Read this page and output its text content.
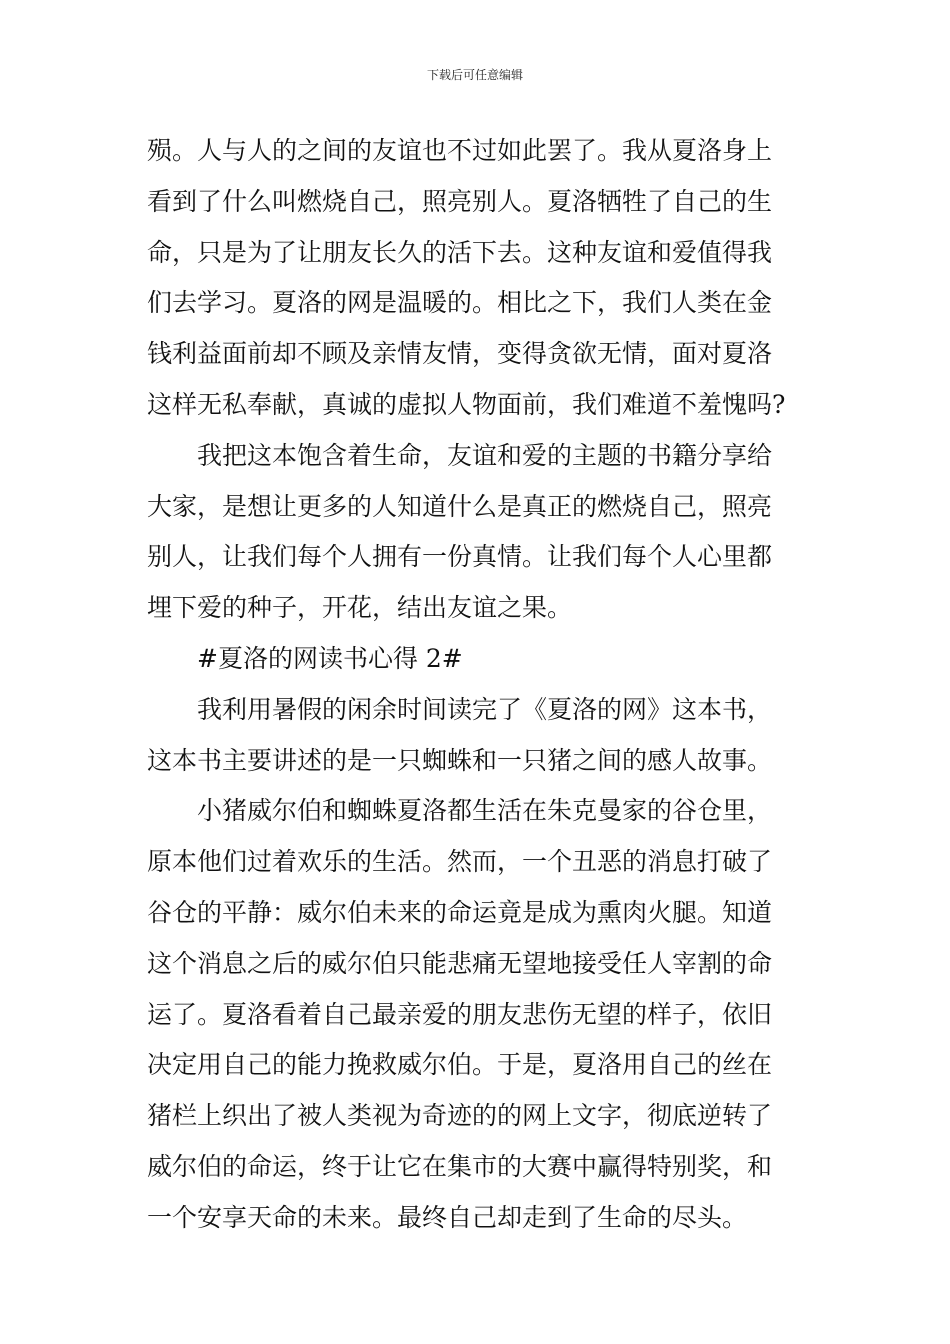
下载后可任意编辑
殒。人与人的之间的友谊也不过如此罢了。我从夏洛身上
看到了什么叫燃烧自己，照亮别人。夏洛牺牲了自己的生
命，只是为了让朋友长久的活下去。这种友谊和爱值得我
们去学习。夏洛的网是温暖的。相比之下，我们人类在金
钱利益面前却不顾及亲情友情，变得贪欲无情，面对夏洛
这样无私奉献，真诚的虚拟人物面前，我们难道不羞愧吗?
我把这本饱含着生命，友谊和爱的主题的书籍分享给
大家，是想让更多的人知道什么是真正的燃烧自己，照亮
别人，让我们每个人拥有一份真情。让我们每个人心里都
埋下爱的种子，开花，结出友谊之果。
#夏洛的网读书心得 2#
我利用暑假的闲余时间读完了《夏洛的网》这本书，
这本书主要讲述的是一只蜘蛛和一只猪之间的感人故事。
小猪威尔伯和蜘蛛夏洛都生活在朱克曼家的谷仓里，
原本他们过着欢乐的生活。然而，一个丑恶的消息打破了
谷仓的平静：威尔伯未来的命运竟是成为熏肉火腿。知道
这个消息之后的威尔伯只能悲痛无望地接受任人宰割的命
运了。夏洛看着自己最亲爱的朋友悲伤无望的样子，依旧
决定用自己的能力挽救威尔伯。于是，夏洛用自己的丝在
猪栏上织出了被人类视为奇迹的的网上文字，彻底逆转了
威尔伯的命运，终于让它在集市的大赛中赢得特别奖，和
一个安享天命的未来。最终自己却走到了生命的尽头。
